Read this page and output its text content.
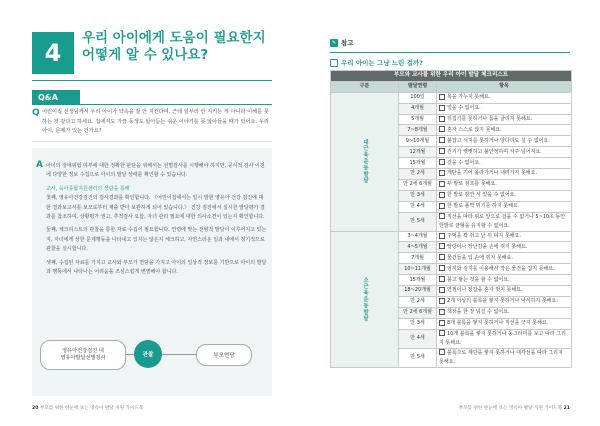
4
우리 아이에게 도움이 필요한지
어떻게 알 수 있나요?
Q&A
Q 어린이집 선생님께서 우리 아이가 약속을 잘 안 지킨다며, 근데 일부러 안 지키는 게 아니라 이해를 못 하는 것 같다고 하세요. 집에서도 가끔 동생도 알아듣는 쉬운 이야기를 못 알아들을 때가 있어요. 우리 아이, 문제가 있는 건가요?
A 아이의 장애위험 여부에 대한 정확한 판단을 위해서는 선별검사를 시행해야 하지만, 공식적 검사 이전에 다양한 정보 수집으로 아이의 발달 상태를 확인할 수 있습니다.
교사, 육아종합지원센터의 상담을 통해
첫째, 영유아건강검진의 검사결과를 확인합니다. 《어린이집에서는 일시 발현 영유아 건강 검진에 대한 결과보고서를 보모로부터 제출 받아 보관하게 되어 있습니다.》 건강 검진에서 실시한 발달평가 결과를 참조하여, 상황평가 권고, 추적검사 요함, 자녀 관리 필요에 대한 의사소견이 있는지 확인합니다.
둘째, 체크리스트의 관찰을 통한 자료 수집이 필요합니다. 연령에 맞는 전형적 발달이 이루어지고 있는지, 자녀에게 상한 문제행동을 나타내고 있지는 않은지 체크하고, 자연스러운 일과 내에서 정기적으로 관찰을 실시합니다.
셋째, 수집된 자료를 가지고 교사와 부모가 면담을 가지고 아이의 일상적 정보를 기반으로 아이의 발달과 행동에서 나타나는 어려움을 조심스럽게 변별해야 합니다.
영유아건강검진 내
영유아발달선별검사	관찰	부모면담
20 부모를 위한 한눈에 보는 영유아 발달 지원 가이드북
✎ 참고
우리 아이는 그냥 느린 걸까?
부모와 교사를 위한 우리 아이 발달 체크리스트		
구분	발달연령	항목
대근육운동발달	100일	목을 가누지 못해요.
	4개월	엎을 수 없어요.
	5개월	뒤집기를 못하거나 몸을 굴리지 못해요.
	7~8개월	혼자 스스로 앉지 못해요.
	9~10개월	붙잡고 서지를 못하거나 양다리도 설 수 없어요.
	12개월	걷기가 뻣뻣하고 불안정하며 자주 넘어져요.
	15개월	걸을 수 없어요.
	만 2세	계단을 기어 올라가거나 내려가지 못해요.
	만 2세 6개월	두 발로 점프를 못해요.
	만 3세	한 발로 잠깐 서 있을 수 없어요.
	만 4세	한 발로 폴짝 뛰기를 하지 못해요.
	만 5세	직선을 따라 위로 앞으로 걸을 수 없거나 5~10초 동안 한발로 균형을 유지할 수 없어요.
소근육운동발달	3~4개월	주먹을 꽉 쥐고 난 뒤 펴지 못해요.
	4~5개월	딸랑이나 장난감을 손에 쥐지 못해요.
	7개월	물건들을 입 손에 쥐지 못해요.
	10~11개월	엄지와 검지를 이용해서 작은 물건을 집지 못해요.
	15개월	블고 쌓는 것을 할 수 없어요.
	18~20개월	연필이나 장갑을 혼자 벗지 못해요.
	만 2세	2개 이상의 블록을 쌓지 못하거나 낙서하지 못해요.
	만 2세 6개월	책장을 한 장 넘길 수 없어요.
	만 3세	8개 블록을 쌓지 못하거나 직선을 긋지 못해요.
	만 4세	10개 블록을 쌓지 못하거나 동그라미를 보고 따라 그리지 못해요.
	만 5세	블록으로 계단을 쌓지 못하거나 대각선을 따라 그리지 못해요.
부모를 위한 한눈에 보는 영유아 발달 지원 가이드북 21
